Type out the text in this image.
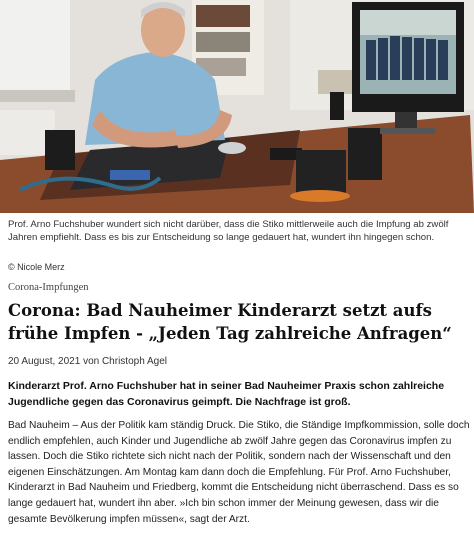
Prof. Arno Fuchshuber wundert sich nicht darüber, dass die Stiko mittlerweile auch die Impfung ab zwölf Jahren empfiehlt. Dass es bis zur Entscheidung so lange gedauert hat, wundert ihn hingegen schon.
© Nicole Merz
Corona-Impfungen
Corona: Bad Nauheimer Kinderarzt setzt aufs frühe Impfen - „Jeden Tag zahlreiche Anfragen“
20 August, 2021 von Christoph Agel
Kinderarzt Prof. Arno Fuchshuber hat in seiner Bad Nauheimer Praxis schon zahlreiche Jugendliche gegen das Coronavirus geimpft. Die Nachfrage ist groß.
Bad Nauheim – Aus der Politik kam ständig Druck. Die Stiko, die Ständige Impfkommission, solle doch endlich empfehlen, auch Kinder und Jugendliche ab zwölf Jahre gegen das Coronavirus impfen zu lassen. Doch die Stiko richtete sich nicht nach der Politik, sondern nach der Wissenschaft und den eigenen Einschätzungen. Am Montag kam dann doch die Empfehlung. Für Prof. Arno Fuchshuber, Kinderarzt in Bad Nauheim und Friedberg, kommt die Entscheidung nicht überraschend. Dass es so lange gedauert hat, wundert ihn aber. »Ich bin schon immer der Meinung gewesen, dass wir die gesamte Bevölkerung impfen müssen«, sagt der Arzt.
